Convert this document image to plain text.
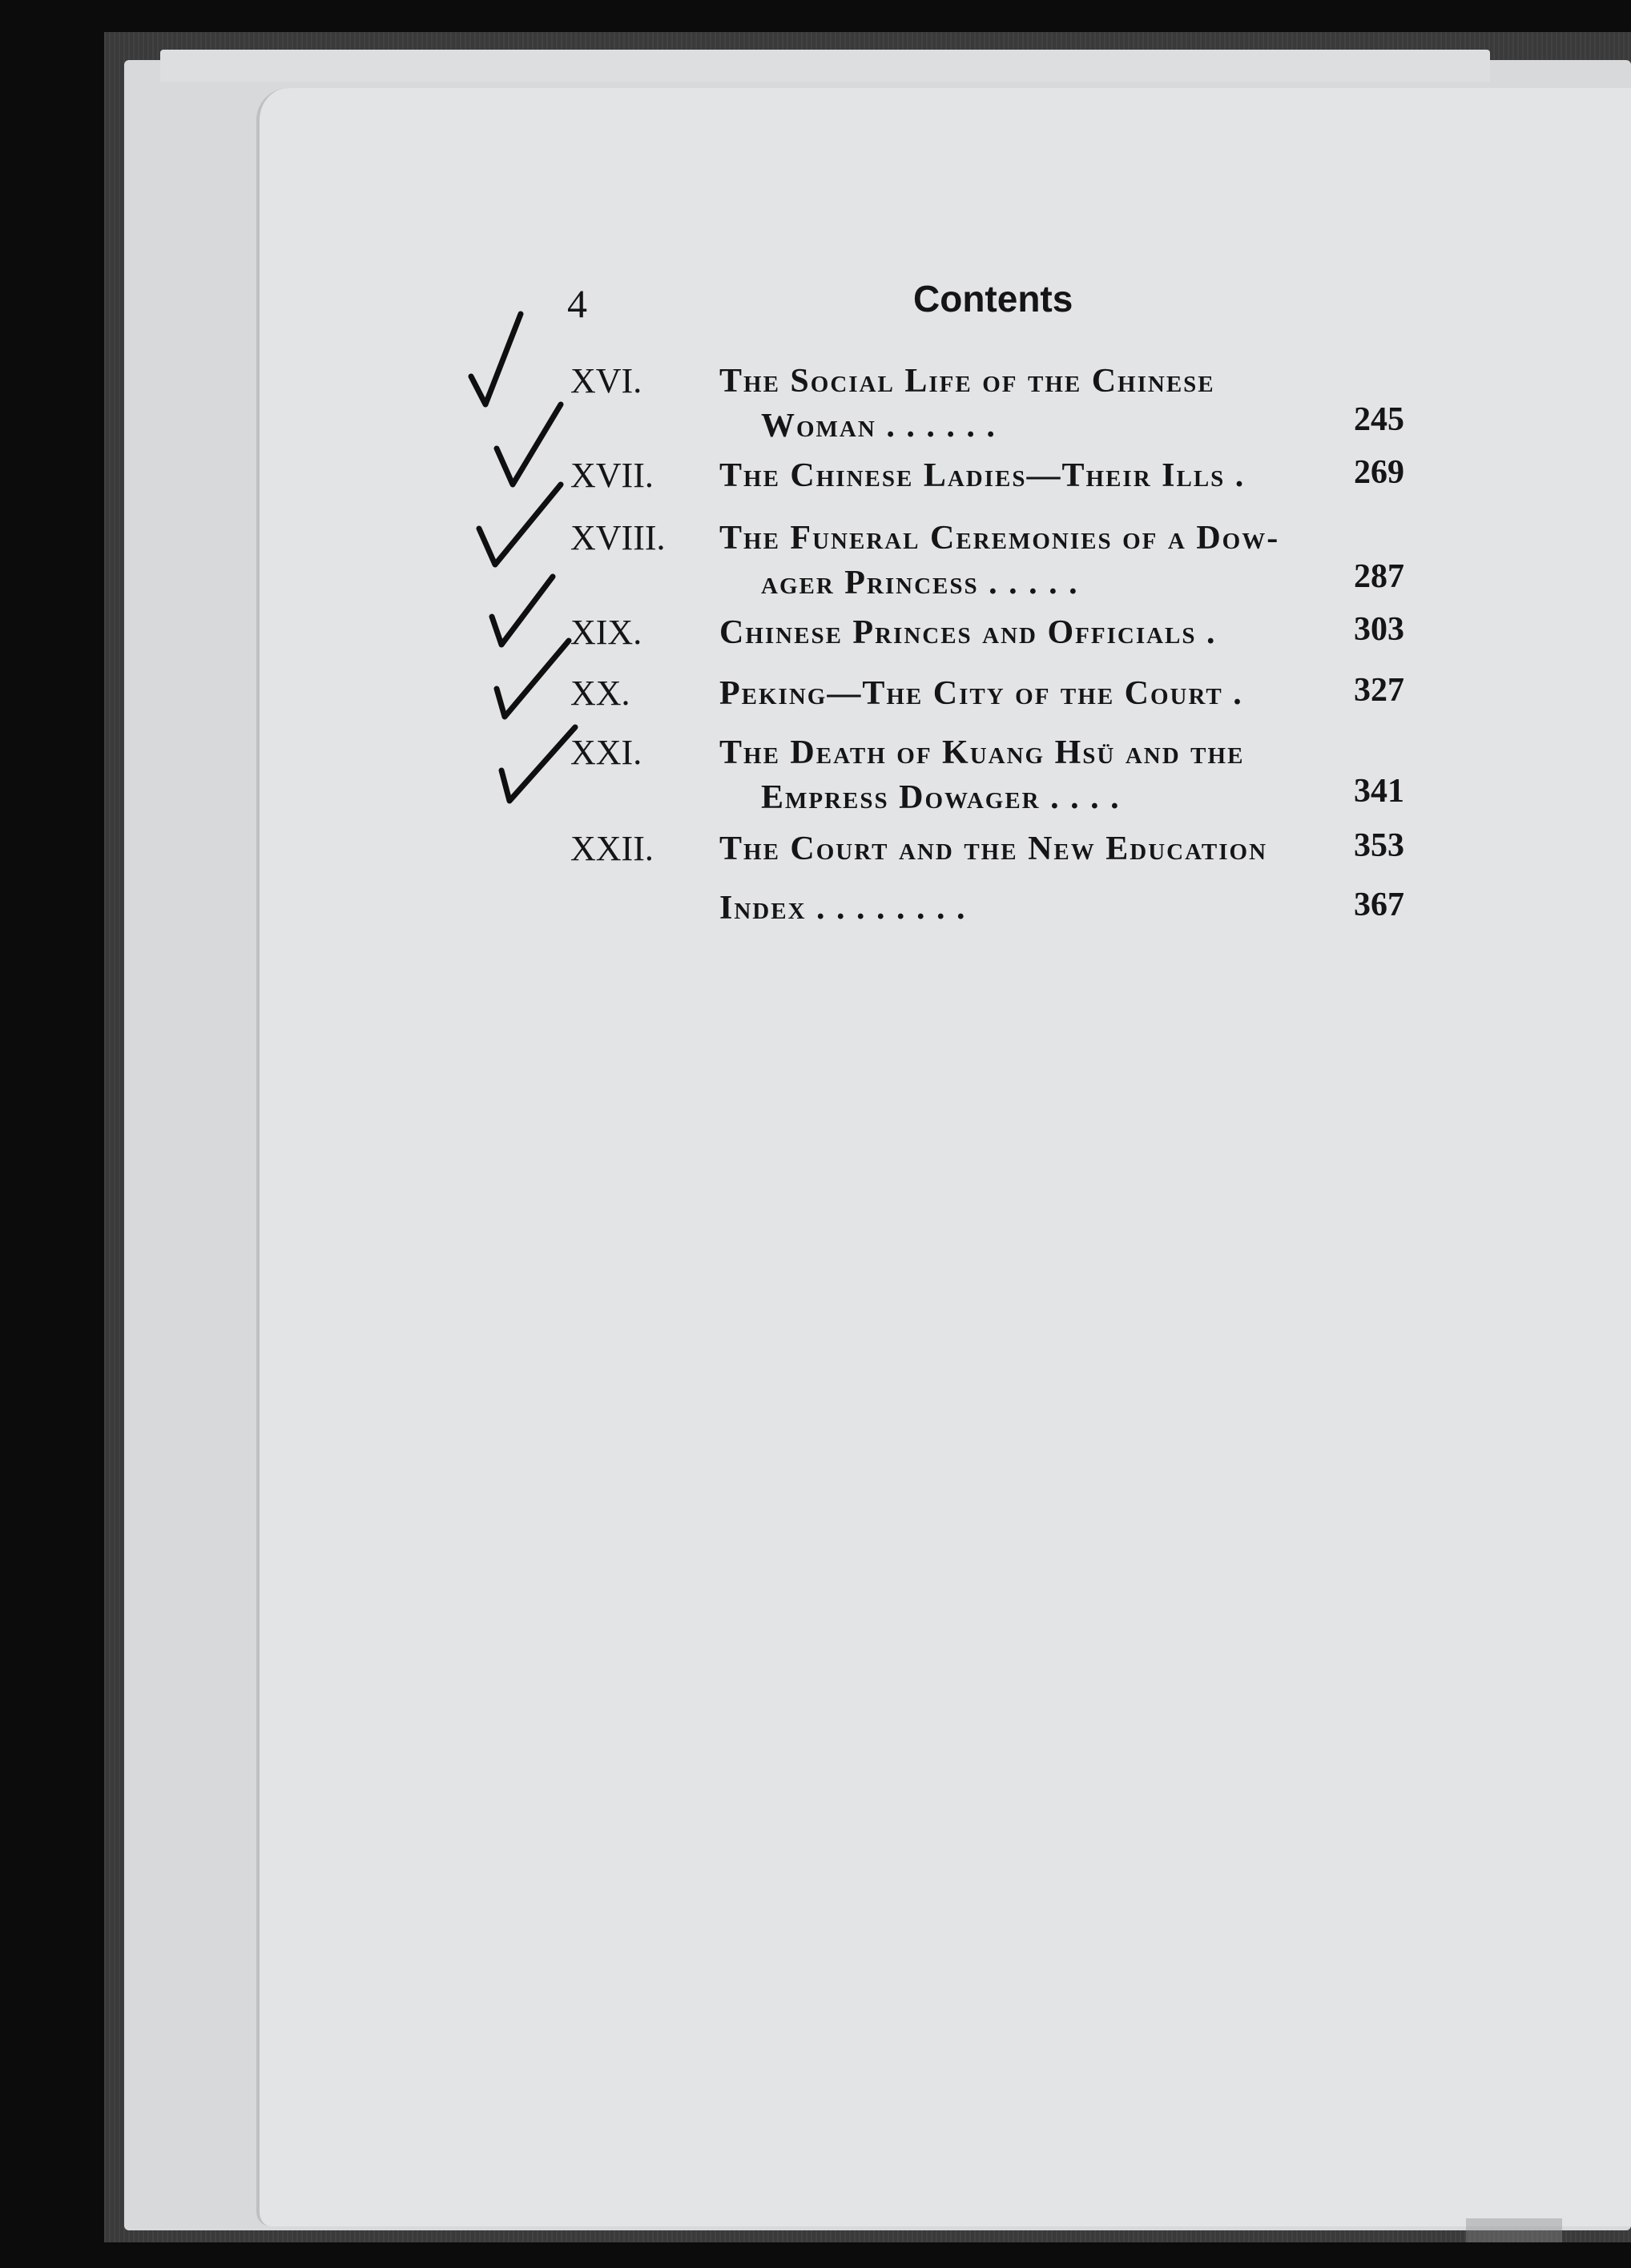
4	Contents
XVI. The Social Life of the Chinese
Woman . . . . . .	245
XVII. The Chinese Ladies—Their Ills .	269
XVIII. The Funeral Ceremonies of a Dow-
ager Princess . . . . .	287
XIX. Chinese Princes and Officials .	303
XX.	Peking—The City of the Court .	327
XXI. The Death of Kuang Hsü and the
Empress Dowager . . . .	341
XXII. The Court and the New Education	353
Index . . . . . . . .	367
